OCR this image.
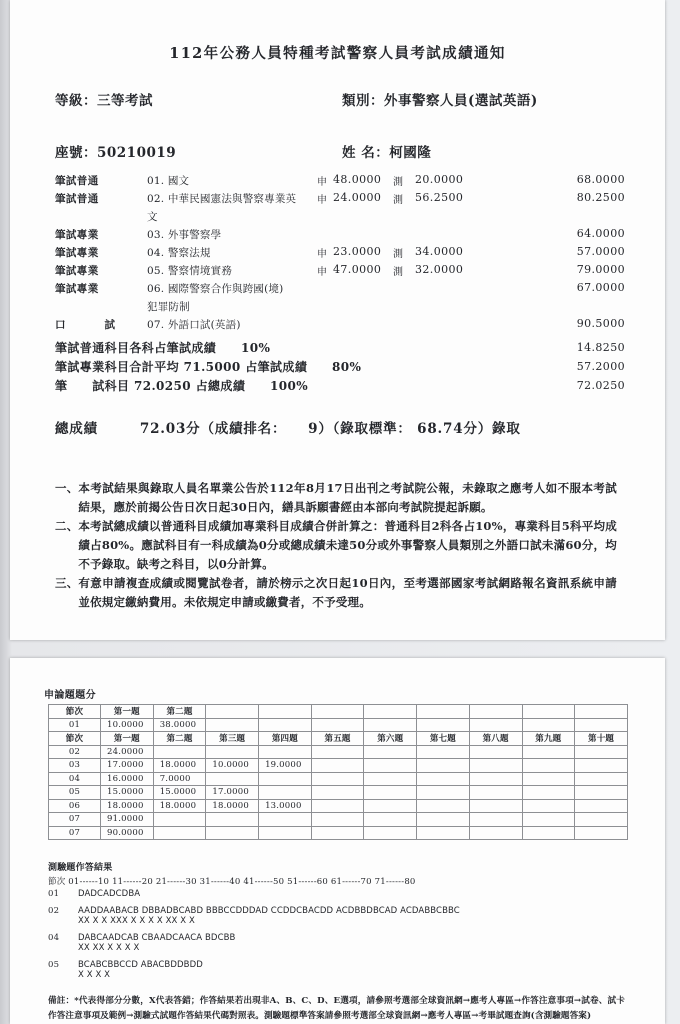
112年公務人員特種考試警察人員考試成績通知
等級：三等考試	類別：外事警察人員(選試英語)
座號：50210019	姓 名：柯國隆
筆試普通	01. 國文	申	48.0000	測	20.0000	68.0000
筆試普通	02. 中華民國憲法與警察專業英	申	24.0000	測	56.2500	80.2500
	文					
筆試專業	03. 外事警察學					64.0000
筆試專業	04. 警察法規	申	23.0000	測	34.0000	57.0000
筆試專業	05. 警察情境實務	申	47.0000	測	32.0000	79.0000
筆試專業	06. 國際警察合作與跨國(境)					67.0000
	犯罪防制					
口　　試	07. 外語口試(英語)					90.5000
筆試普通科目各科占筆試成績　　10%	14.8250
筆試專業科目合計平均 71.5000 占筆試成績　　80%	57.2000
筆　　試科目 72.0250 占總成績　　100%	72.0250
總成績	72.03分（成績排名：　　9）（錄取標準： 68.74分）錄取
一、 本考試結果與錄取人員名單業公告於112年8月17日出刊之考試院公報，未錄取之應考人如不服本考試結果，應於前揭公告日次日起30日內，繕具訴願書經由本部向考試院提起訴願。
二、 本考試總成績以普通科目成績加專業科目成績合併計算之：普通科目2科各占10%，專業科目5科平均成績占80%。應試科目有一科成績為0分或總成績未達50分或外事警察人員類別之外語口試未滿60分，均不予錄取。缺考之科目，以0分計算。
三、 有意申請複查成績或閱覽試卷者，請於榜示之次日起10日內，至考選部國家考試網路報名資訊系統申請並依規定繳納費用。未依規定申請或繳費者，不予受理。
申論題題分
節次	第一題	第二題								
01	10.0000	38.0000								
節次	第一題	第二題	第三題	第四題	第五題	第六題	第七題	第八題	第九題	第十題
02	24.0000									
03	17.0000	18.0000	10.0000	19.0000						
04	16.0000	7.0000								
05	15.0000	15.0000	17.0000							
06	18.0000	18.0000	18.0000	13.0000						
07	91.0000									
07	90.0000									
測驗題作答結果
節次 01------10 11------20 21------30 31------40 41------50 51------60 61------70 71------80
01	DADCADCDBA
02	AADDAABACB DBBADBCABD BBBCCDDDAD CCDDCBACDD ACDBBDBCAD ACDABBCBBC
XX X X XXX X X X X XX X X
04	DABCAADCAB CBAADCAACA BDCBB
XX XX X X X X
05	BCABCBBCCD ABACBDDBDD
X X X X
備註：*代表得部分分數，X代表答錯；作答結果若出現非A、B、C、D、E選項，請參照考選部全球資訊網→應考人專區→作答注意事項→試卷、試卡作答注意事項及範例→測驗式試題作答結果代碼對照表。測驗題標準答案請參照考選部全球資訊網→應考人專區→考畢試題查詢(含測驗題答案)
